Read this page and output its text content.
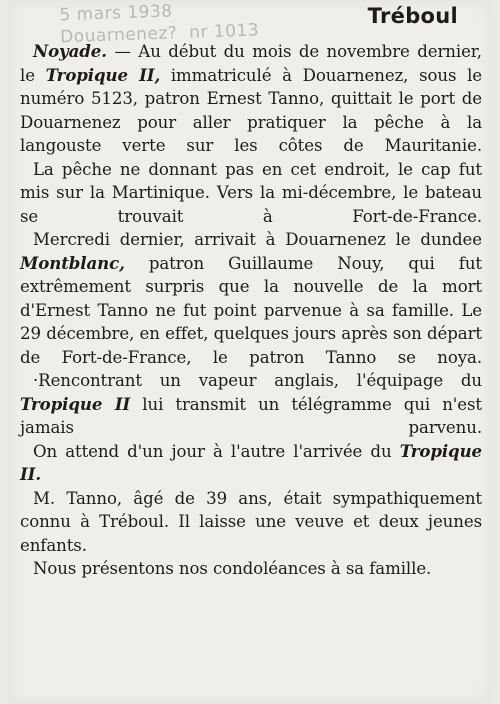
5 mars 1938
Douarnenez?  nr 1013
Tréboul

Noyade. — Au début du mois de novembre dernier, le Tropique II, immatriculé à Douarnenez, sous le numéro 5123, patron Ernest Tanno, quittait le port de Douarnenez pour aller pratiquer la pêche à la langouste verte sur les côtes de Mauritanie.

La pêche ne donnant pas en cet endroit, le cap fut mis sur la Martinique. Vers la mi-décembre, le bateau se trouvait à Fort-de-France.

Mercredi dernier, arrivait à Douarnenez le dundee Montblanc, patron Guillaume Nouy, qui fut extrêmement surpris que la nouvelle de la mort d'Ernest Tanno ne fut point parvenue à sa famille. Le 29 décembre, en effet, quelques jours après son départ de Fort-de-France, le patron Tanno se noya.

·Rencontrant un vapeur anglais, l'équipage du Tropique II lui transmit un télégramme qui n'est jamais parvenu.

On attend d'un jour à l'autre l'arrivée du Tropique II.

M. Tanno, âgé de 39 ans, était sympathiquement connu à Tréboul. Il laisse une veuve et deux jeunes enfants.

Nous présentons nos condoléances à sa famille.
